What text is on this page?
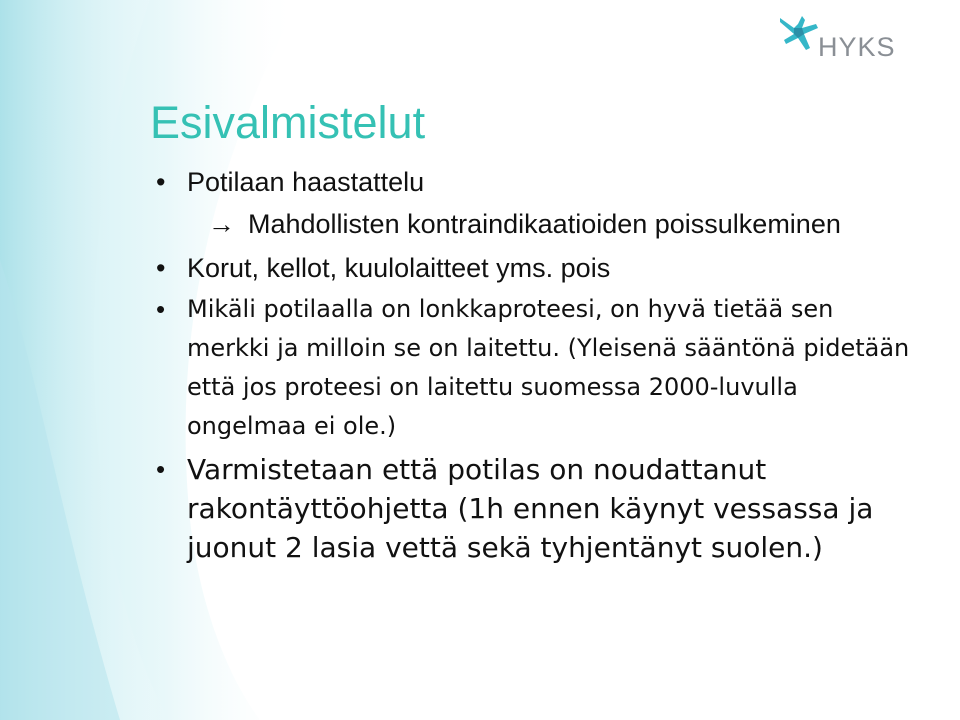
HYKS
Esivalmistelut
• Potilaan haastattelu
→ Mahdollisten kontraindikaatioiden poissulkeminen
• Korut, kellot, kuulolaitteet yms. pois
• Mikäli potilaalla on lonkkaproteesi, on hyvä tietää sen merkki ja milloin se on laitettu. (Yleisenä sääntönä pidetään että jos proteesi on laitettu suomessa 2000-luvulla ongelmaa ei ole.)
• Varmistetaan että potilas on noudattanut rakontäyttöohjetta (1h ennen käynyt vessassa ja juonut 2 lasia vettä sekä tyhjentänyt suolen.)
